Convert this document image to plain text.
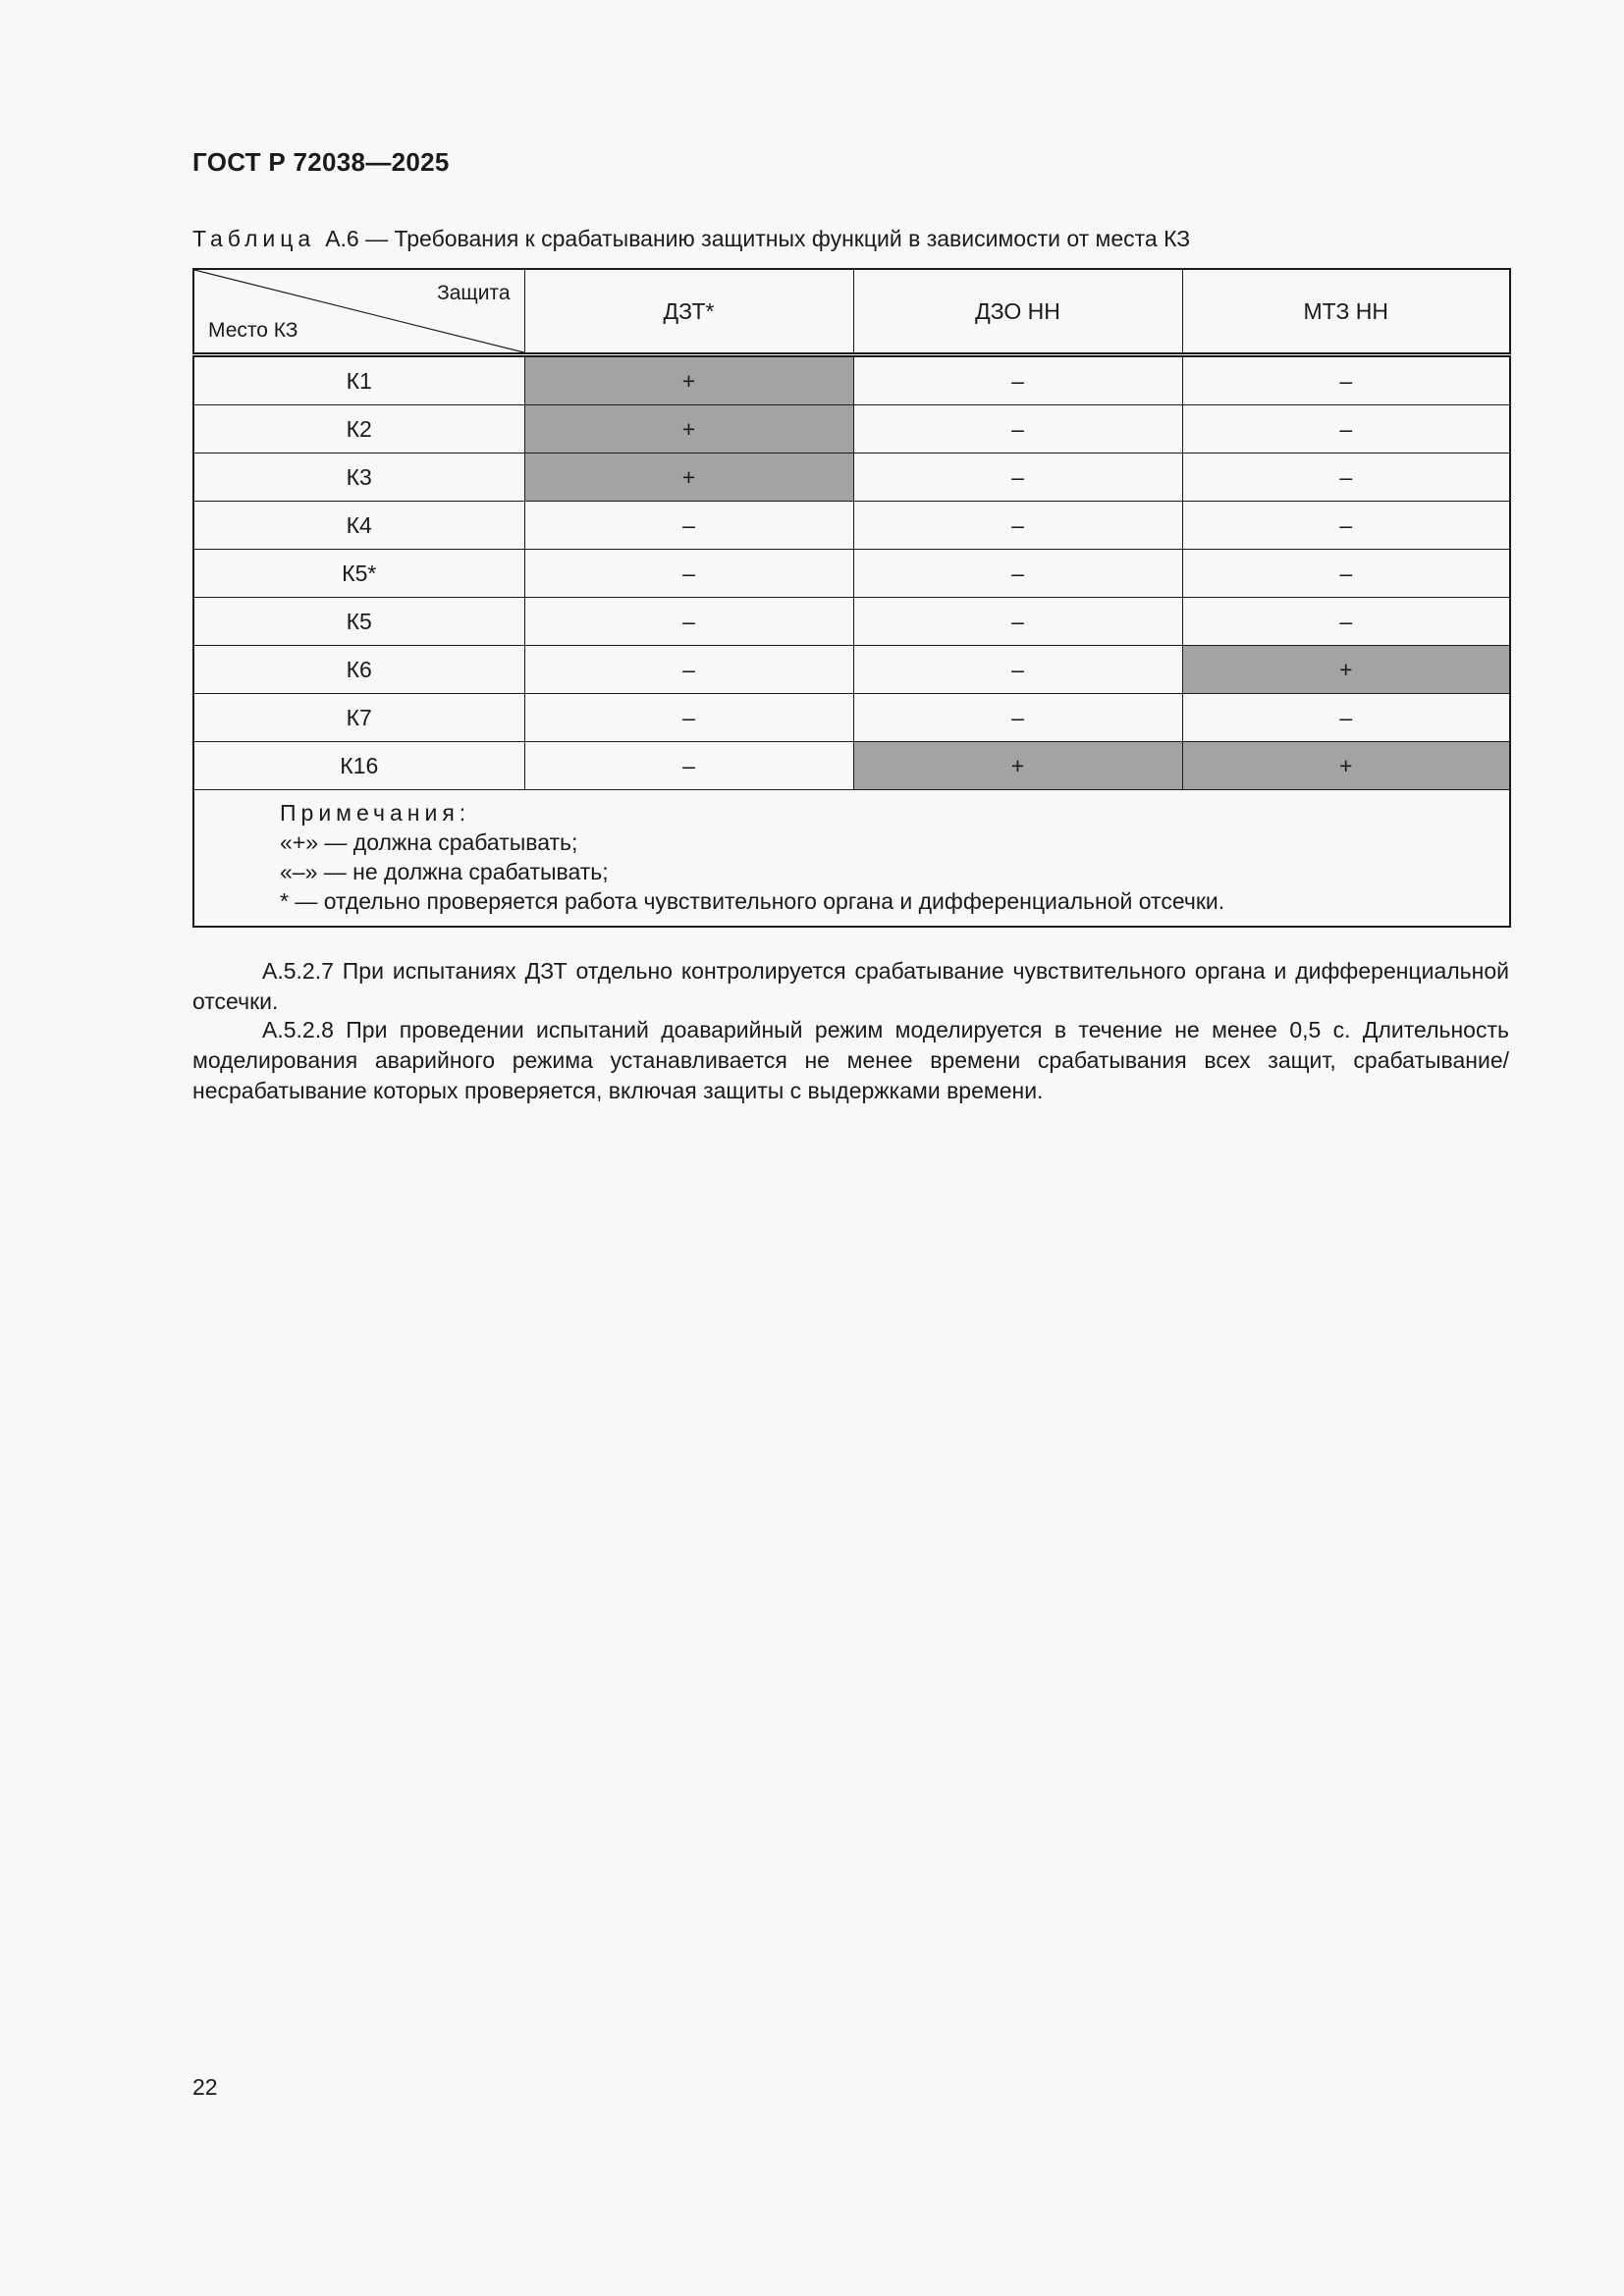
ГОСТ Р 72038—2025
Таблица А.6 — Требования к срабатыванию защитных функций в зависимости от места КЗ
Защита
Место КЗ	ДЗТ*	ДЗО НН	МТЗ НН
К1	+	–	–
К2	+	–	–
К3	+	–	–
К4	–	–	–
К5*	–	–	–
К5	–	–	–
К6	–	–	+
К7	–	–	–
К16	–	+	+

Примечания:
«+» — должна срабатывать;
«–» — не должна срабатывать;
* — отдельно проверяется работа чувствительного органа и дифференциальной отсечки.			
А.5.2.7 При испытаниях ДЗТ отдельно контролируется срабатывание чувствительного органа и дифференциальной отсечки.
А.5.2.8 При проведении испытаний доаварийный режим моделируется в течение не менее 0,5 с. Длительность моделирования аварийного режима устанавливается не менее времени срабатывания всех защит, срабатывание/несрабатывание которых проверяется, включая защиты с выдержками времени.
22
